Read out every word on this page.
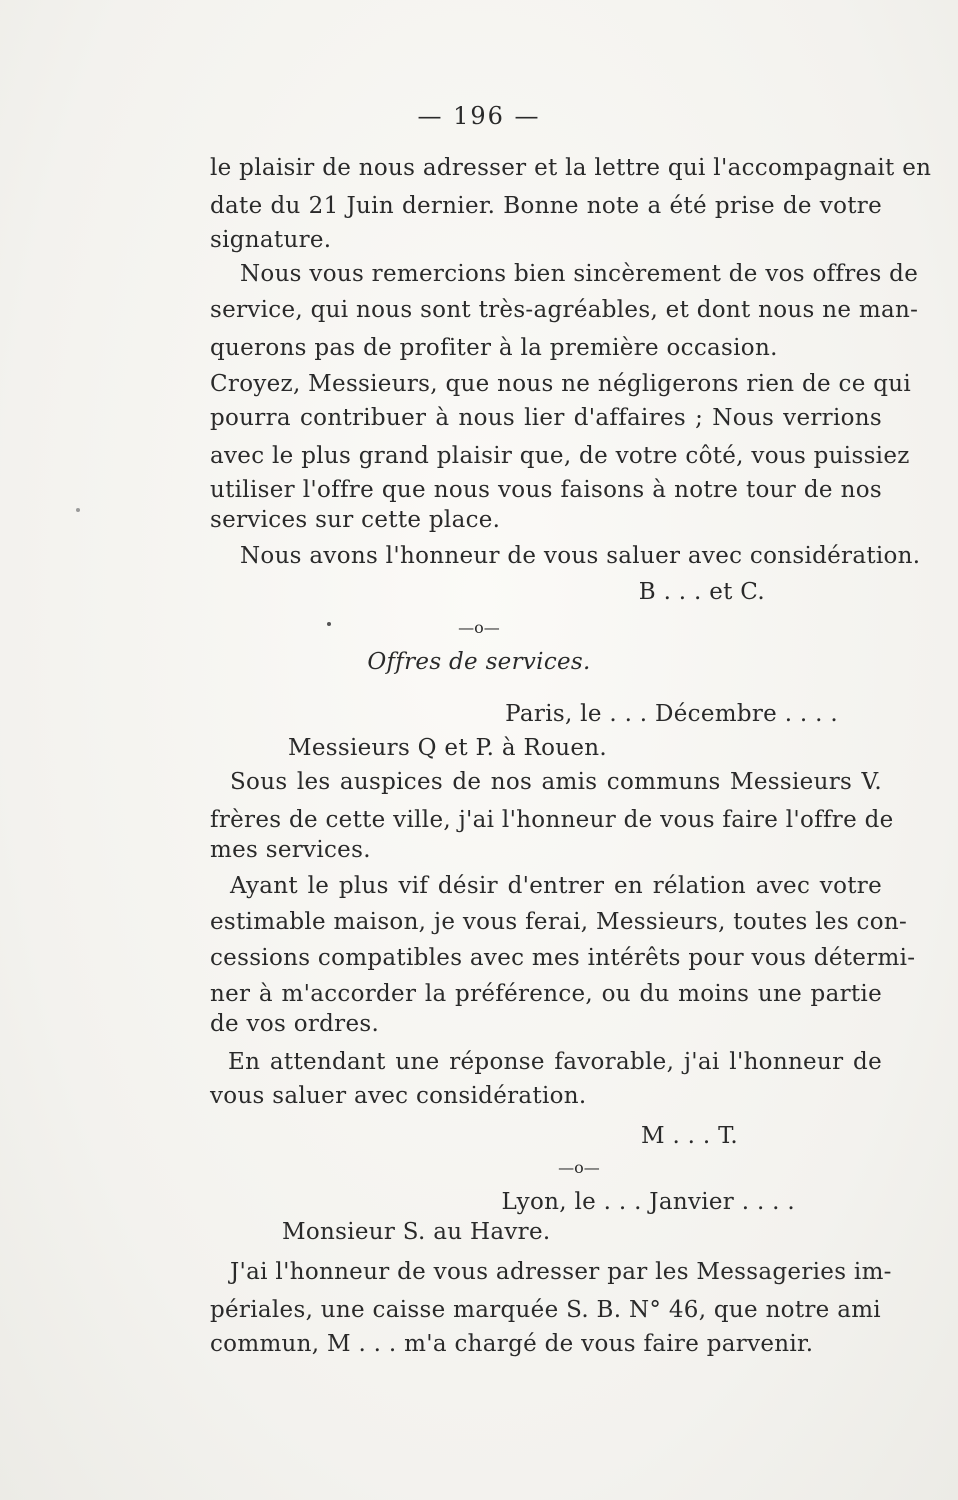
— 196 —
le plaisir de nous adresser et la lettre qui l'accompagnait en
date du 21 Juin dernier. Bonne note a été prise de votre
signature.
Nous vous remercions bien sincèrement de vos offres de
service, qui nous sont très-agréables, et dont nous ne man-
querons pas de profiter à la première occasion.
Croyez, Messieurs, que nous ne négligerons rien de ce qui
pourra contribuer à nous lier d'affaires ; Nous verrions
avec le plus grand plaisir que, de votre côté, vous puissiez
utiliser l'offre que nous vous faisons à notre tour de nos
services sur cette place.
Nous avons l'honneur de vous saluer avec considération.
B . . . et C.
—o—
Offres de services.
Paris, le . . . Décembre . . . .
Messieurs Q et P. à Rouen.
Sous les auspices de nos amis communs Messieurs V.
frères de cette ville, j'ai l'honneur de vous faire l'offre de
mes services.
Ayant le plus vif désir d'entrer en rélation avec votre
estimable maison, je vous ferai, Messieurs, toutes les con-
cessions compatibles avec mes intérêts pour vous détermi-
ner à m'accorder la préférence, ou du moins une partie
de vos ordres.
En attendant une réponse favorable, j'ai l'honneur de
vous saluer avec considération.
M . . . T.
—o—
Lyon, le . . . Janvier . . . .
Monsieur S. au Havre.
J'ai l'honneur de vous adresser par les Messageries im-
périales, une caisse marquée S. B. N° 46, que notre ami
commun, M . . . m'a chargé de vous faire parvenir.
